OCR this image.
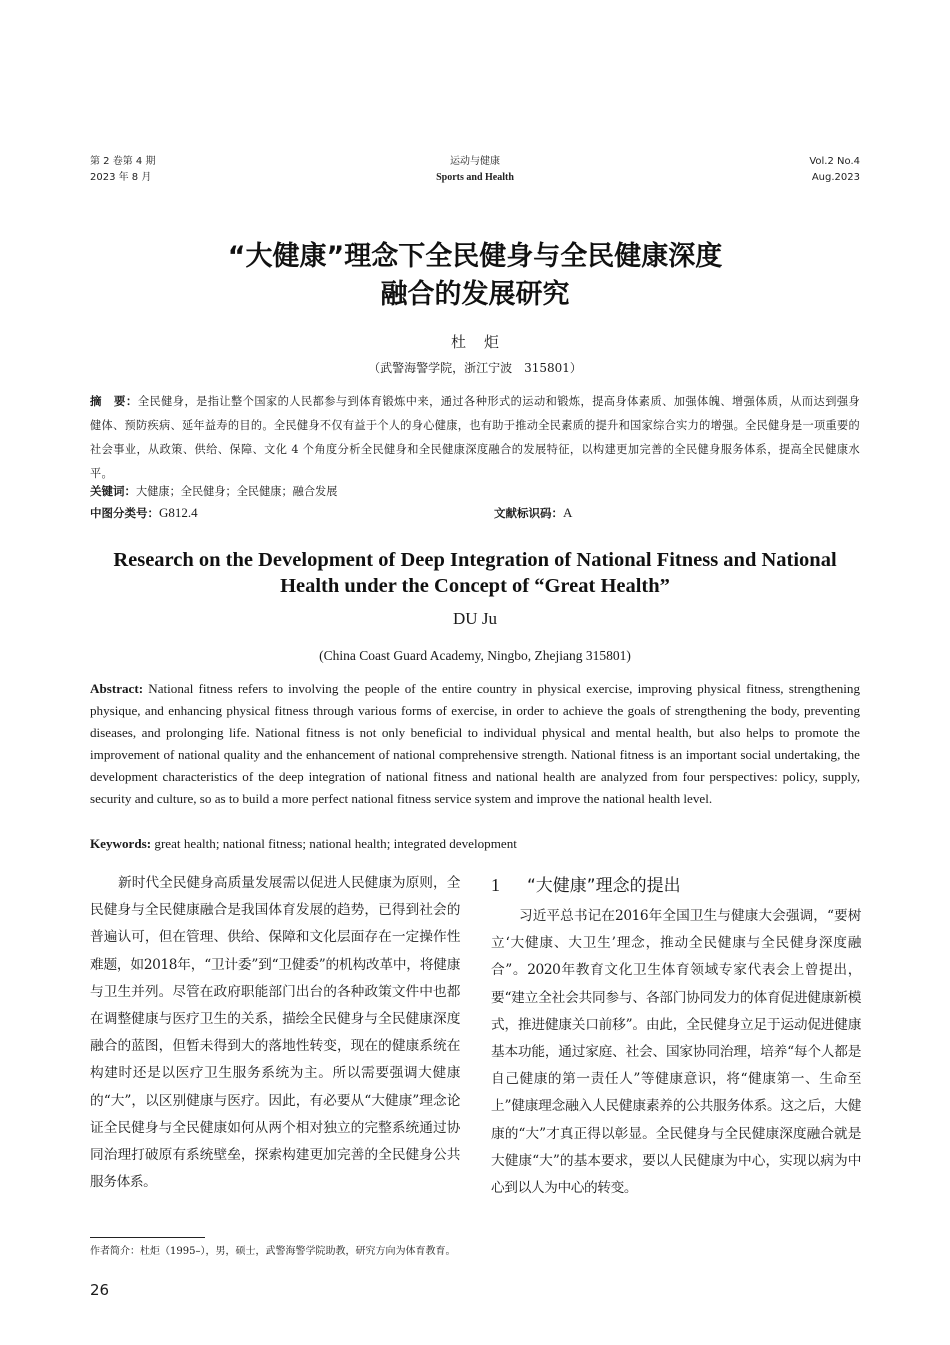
第 2 卷第 4 期
2023 年 8 月
运动与健康
Sports and Health
Vol.2 No.4
Aug.2023
“大健康”理念下全民健身与全民健康深度
融合的发展研究
杜炬
（武警海警学院，浙江宁波　315801）
摘　要：全民健身，是指让整个国家的人民都参与到体育锻炼中来，通过各种形式的运动和锻炼，提高身体素质、加强体魄、增强体质，从而达到强身健体、预防疾病、延年益寿的目的。全民健身不仅有益于个人的身心健康，也有助于推动全民素质的提升和国家综合实力的增强。全民健身是一项重要的社会事业，从政策、供给、保障、文化 4 个角度分析全民健身和全民健康深度融合的发展特征，以构建更加完善的全民健身服务体系，提高全民健康水平。
关键词：大健康；全民健身；全民健康；融合发展
中图分类号：G812.4	文献标识码：A
Research on the Development of Deep Integration of National Fitness and National
Health under the Concept of “Great Health”
DU Ju
(China Coast Guard Academy, Ningbo, Zhejiang 315801)
Abstract: National fitness refers to involving the people of the entire country in physical exercise, improving physical fitness, strengthening physique, and enhancing physical fitness through various forms of exercise, in order to achieve the goals of strengthening the body, preventing diseases, and prolonging life. National fitness is not only beneficial to individual physical and mental health, but also helps to promote the improvement of national quality and the enhancement of national comprehensive strength. National fitness is an important social undertaking, the development characteristics of the deep integration of national fitness and national health are analyzed from four perspectives: policy, supply, security and culture, so as to build a more perfect national fitness service system and improve the national health level.
Keywords: great health; national fitness; national health; integrated development
新时代全民健身高质量发展需以促进人民健康为原则，全民健身与全民健康融合是我国体育发展的趋势，已得到社会的普遍认可，但在管理、供给、保障和文化层面存在一定操作性难题，如2018年，“卫计委”到“卫健委”的机构改革中，将健康与卫生并列。尽管在政府职能部门出台的各种政策文件中也都在调整健康与医疗卫生的关系，描绘全民健身与全民健康深度融合的蓝图，但暂未得到大的落地性转变，现在的健康系统在构建时还是以医疗卫生服务系统为主。所以需要强调大健康的“大”，以区别健康与医疗。因此，有必要从“大健康”理念论证全民健身与全民健康如何从两个相对独立的完整系统通过协同治理打破原有系统壁垒，探索构建更加完善的全民健身公共服务体系。
1 “大健康”理念的提出
习近平总书记在2016年全国卫生与健康大会强调，“要树立‘大健康、大卫生’理念，推动全民健康与全民健身深度融合”。2020年教育文化卫生体育领域专家代表会上曾提出，要“建立全社会共同参与、各部门协同发力的体育促进健康新模式，推进健康关口前移”。由此，全民健身立足于运动促进健康基本功能，通过家庭、社会、国家协同治理，培养“每个人都是自己健康的第一责任人”等健康意识，将“健康第一、生命至上”健康理念融入人民健康素养的公共服务体系。这之后，大健康的“大”才真正得以彰显。全民健身与全民健康深度融合就是大健康“大”的基本要求，要以人民健康为中心，实现以病为中心到以人为中心的转变。
作者简介：杜炬（1995–），男，硕士，武警海警学院助教，研究方向为体育教育。
26
